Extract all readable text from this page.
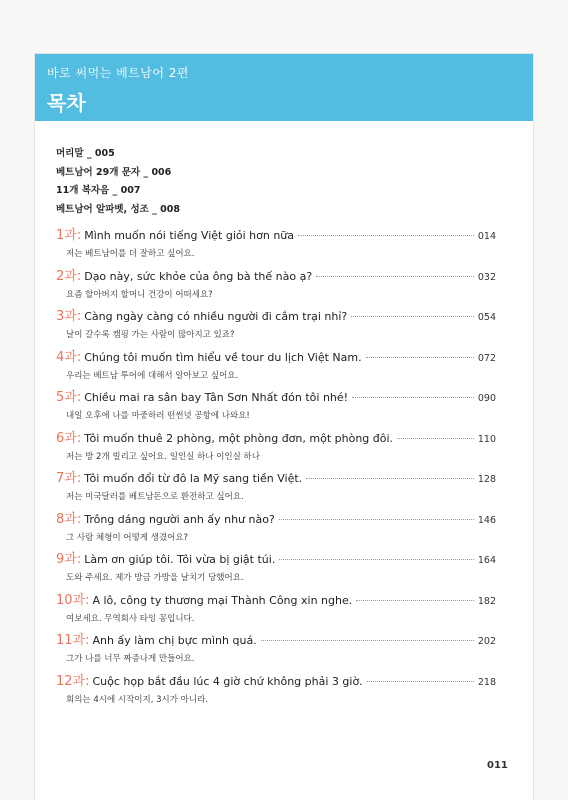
바로 써먹는 베트남어 2편
목차
머리말 _ 005
베트남어 29개 문자 _ 006
11개 복자음 _ 007
베트남어 알파벳, 성조 _ 008
1과: Mình muốn nói tiếng Việt giỏi hơn nữa	014
저는 베트남어를 더 잘하고 싶어요.
2과: Dạo này, sức khỏe của ông bà thế nào ạ?	032
요즘 할아버지 할머니 건강이 어떠세요?
3과: Càng ngày càng có nhiều người đi cắm trại nhỉ?	054
날이 갈수록 캠핑 가는 사람이 많아지고 있죠?
4과: Chúng tôi muốn tìm hiểu về tour du lịch Việt Nam.	072
우리는 베트남 투어에 대해서 알아보고 싶어요.
5과: Chiều mai ra sân bay Tân Sơn Nhất đón tôi nhé!	090
내일 오후에 나를 마중하러 떤썬녓 공항에 나와요!
6과: Tôi muốn thuê 2 phòng, một phòng đơn, một phòng đôi.	110
저는 방 2개 빌리고 싶어요. 일인실 하나 이인실 하나
7과: Tôi muốn đổi từ đô la Mỹ sang tiền Việt.	128
저는 미국달러를 베트남돈으로 환전하고 싶어요.
8과: Trông dáng người anh ấy như nào?	146
그 사람 체형이 어떻게 생겼어요?
9과: Làm ơn giúp tôi. Tôi vừa bị giật túi.	164
도와 주세요. 제가 방금 가방을 날치기 당했어요.
10과: A lô, công ty thương mại Thành Công xin nghe.	182
여보세요. 무역회사 타잉 꽁입니다.
11과: Anh ấy làm chị bực mình quá.	202
그가 나를 너무 짜증나게 만들어요.
12과: Cuộc họp bắt đầu lúc 4 giờ chứ không phải 3 giờ.	218
회의는 4시에 시작이지, 3시가 아니라.
011
